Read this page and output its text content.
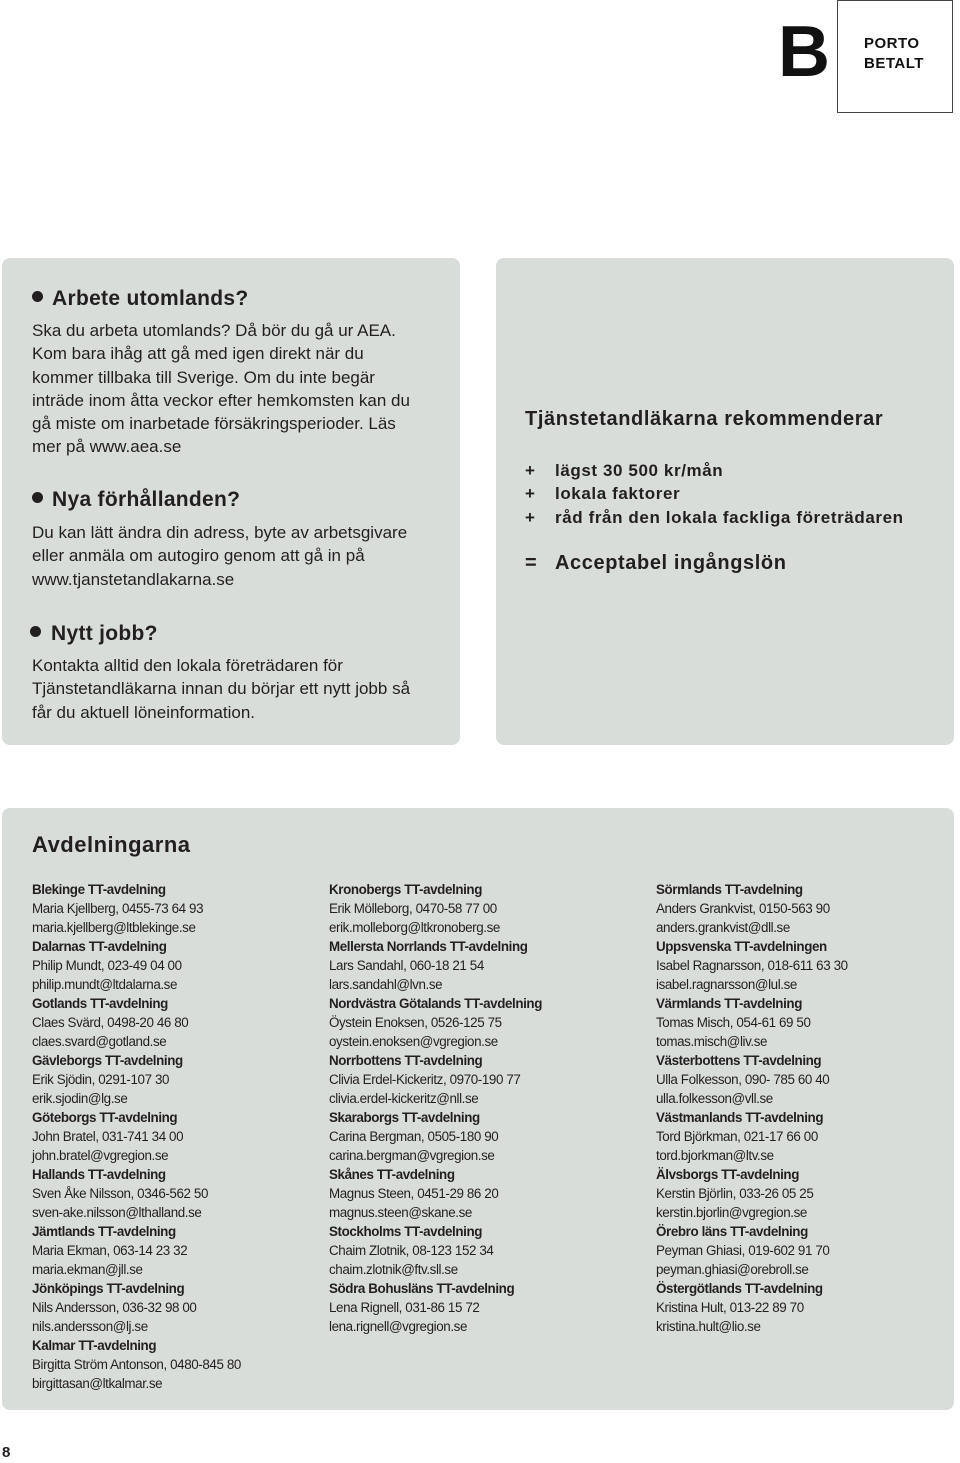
B PORTO
BETALT
Arbete utomlands?
Ska du arbeta utomlands? Då bör du gå ur AEA.
Kom bara ihåg att gå med igen direkt när du
kommer tillbaka till Sverige. Om du inte begär
inträde inom åtta veckor efter hemkomsten kan du
gå miste om inarbetade försäkringsperioder. Läs
mer på www.aea.se
Nya förhållanden?
Du kan lätt ändra din adress, byte av arbetsgivare
eller anmäla om autogiro genom att gå in på
www.tjanstetandlakarna.se
Nytt jobb?
Kontakta alltid den lokala företrädaren för
Tjänstetandläkarna innan du börjar ett nytt jobb så
får du aktuell löneinformation.
Tjänstetandläkarna rekommenderar
+ lägst 30 500 kr/mån
+ lokala faktorer
+ råd från den lokala fackliga företrädaren
= Acceptabel ingångslön
Avdelningarna
Blekinge TT-avdelning
Maria Kjellberg, 0455-73 64 93
maria.kjellberg@ltblekinge.se
Dalarnas TT-avdelning
Philip Mundt, 023-49 04 00
philip.mundt@ltdalarna.se
Gotlands TT-avdelning
Claes Svärd, 0498-20 46 80
claes.svard@gotland.se
Gävleborgs TT-avdelning
Erik Sjödin, 0291-107 30
erik.sjodin@lg.se
Göteborgs TT-avdelning
John Bratel, 031-741 34 00
john.bratel@vgregion.se
Hallands TT-avdelning
Sven Åke Nilsson, 0346-562 50
sven-ake.nilsson@lthalland.se
Jämtlands TT-avdelning
Maria Ekman, 063-14 23 32
maria.ekman@jll.se
Jönköpings TT-avdelning
Nils Andersson, 036-32 98 00
nils.andersson@lj.se
Kalmar TT-avdelning
Birgitta Ström Antonson, 0480-845 80
birgittasan@ltkalmar.se
Kronobergs TT-avdelning
Erik Mölleborg, 0470-58 77 00
erik.molleborg@ltkronoberg.se
Mellersta Norrlands TT-avdelning
Lars Sandahl, 060-18 21 54
lars.sandahl@lvn.se
Nordvästra Götalands TT-avdelning
Öystein Enoksen, 0526-125 75
oystein.enoksen@vgregion.se
Norrbottens TT-avdelning
Clivia Erdel-Kickeritz, 0970-190 77
clivia.erdel-kickeritz@nll.se
Skaraborgs TT-avdelning
Carina Bergman, 0505-180 90
carina.bergman@vgregion.se
Skånes TT-avdelning
Magnus Steen, 0451-29 86 20
magnus.steen@skane.se
Stockholms TT-avdelning
Chaim Zlotnik, 08-123 152 34
chaim.zlotnik@ftv.sll.se
Södra Bohusläns TT-avdelning
Lena Rignell, 031-86 15 72
lena.rignell@vgregion.se
Sörmlands TT-avdelning
Anders Grankvist, 0150-563 90
anders.grankvist@dll.se
Uppsvenska TT-avdelningen
Isabel Ragnarsson, 018-611 63 30
isabel.ragnarsson@lul.se
Värmlands TT-avdelning
Tomas Misch, 054-61 69 50
tomas.misch@liv.se
Västerbottens TT-avdelning
Ulla Folkesson, 090- 785 60 40
ulla.folkesson@vll.se
Västmanlands TT-avdelning
Tord Björkman, 021-17 66 00
tord.bjorkman@ltv.se
Älvsborgs TT-avdelning
Kerstin Björlin, 033-26 05 25
kerstin.bjorlin@vgregion.se
Örebro läns TT-avdelning
Peyman Ghiasi, 019-602 91 70
peyman.ghiasi@orebroll.se
Östergötlands TT-avdelning
Kristina Hult, 013-22 89 70
kristina.hult@lio.se
8
